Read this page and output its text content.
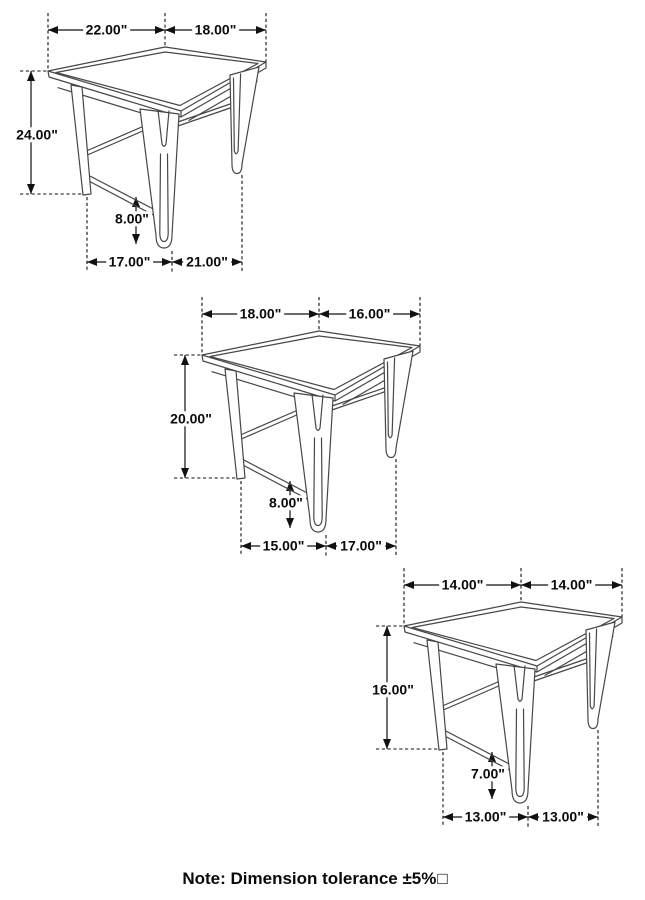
22.00"	18.00"
24.00"
8.00"
17.00"	21.00"
18.00"	16.00"
20.00"
8.00"
15.00"	17.00"
14.00"	14.00"
16.00"
7.00"
13.00"	13.00"
Note: Dimension tolerance ±5%□
